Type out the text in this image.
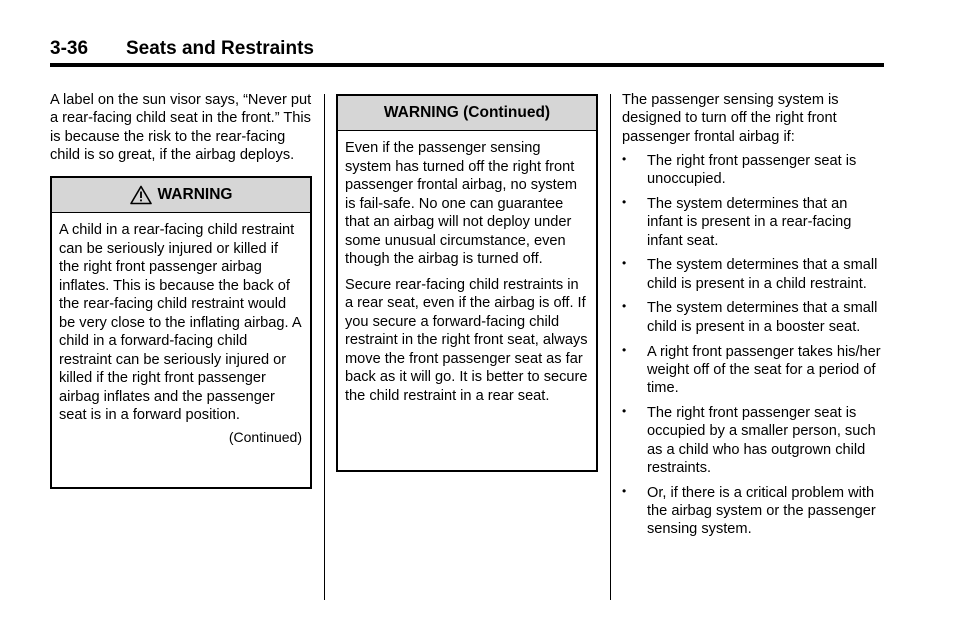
3-36 Seats and Restraints

A label on the sun visor says, “Never put a rear-facing child seat in the front.” This is because the risk to the rear-facing child is so great, if the airbag deploys.

WARNING

A child in a rear-facing child restraint can be seriously injured or killed if the right front passenger airbag inflates. This is because the back of the rear-facing child restraint would be very close to the inflating airbag. A child in a forward-facing child restraint can be seriously injured or killed if the right front passenger airbag inflates and the passenger seat is in a forward position.

(Continued)
WARNING (Continued)

Even if the passenger sensing system has turned off the right front passenger frontal airbag, no system is fail-safe. No one can guarantee that an airbag will not deploy under some unusual circumstance, even though the airbag is turned off.

Secure rear-facing child restraints in a rear seat, even if the airbag is off. If you secure a forward-facing child restraint in the right front seat, always move the front passenger seat as far back as it will go. It is better to secure the child restraint in a rear seat.

The passenger sensing system is designed to turn off the right front passenger frontal airbag if:

• The right front passenger seat is unoccupied.
• The system determines that an infant is present in a rear-facing infant seat.
• The system determines that a small child is present in a child restraint.
• The system determines that a small child is present in a booster seat.
• A right front passenger takes his/her weight off of the seat for a period of time.
• The right front passenger seat is occupied by a smaller person, such as a child who has outgrown child restraints.
• Or, if there is a critical problem with the airbag system or the passenger sensing system.
